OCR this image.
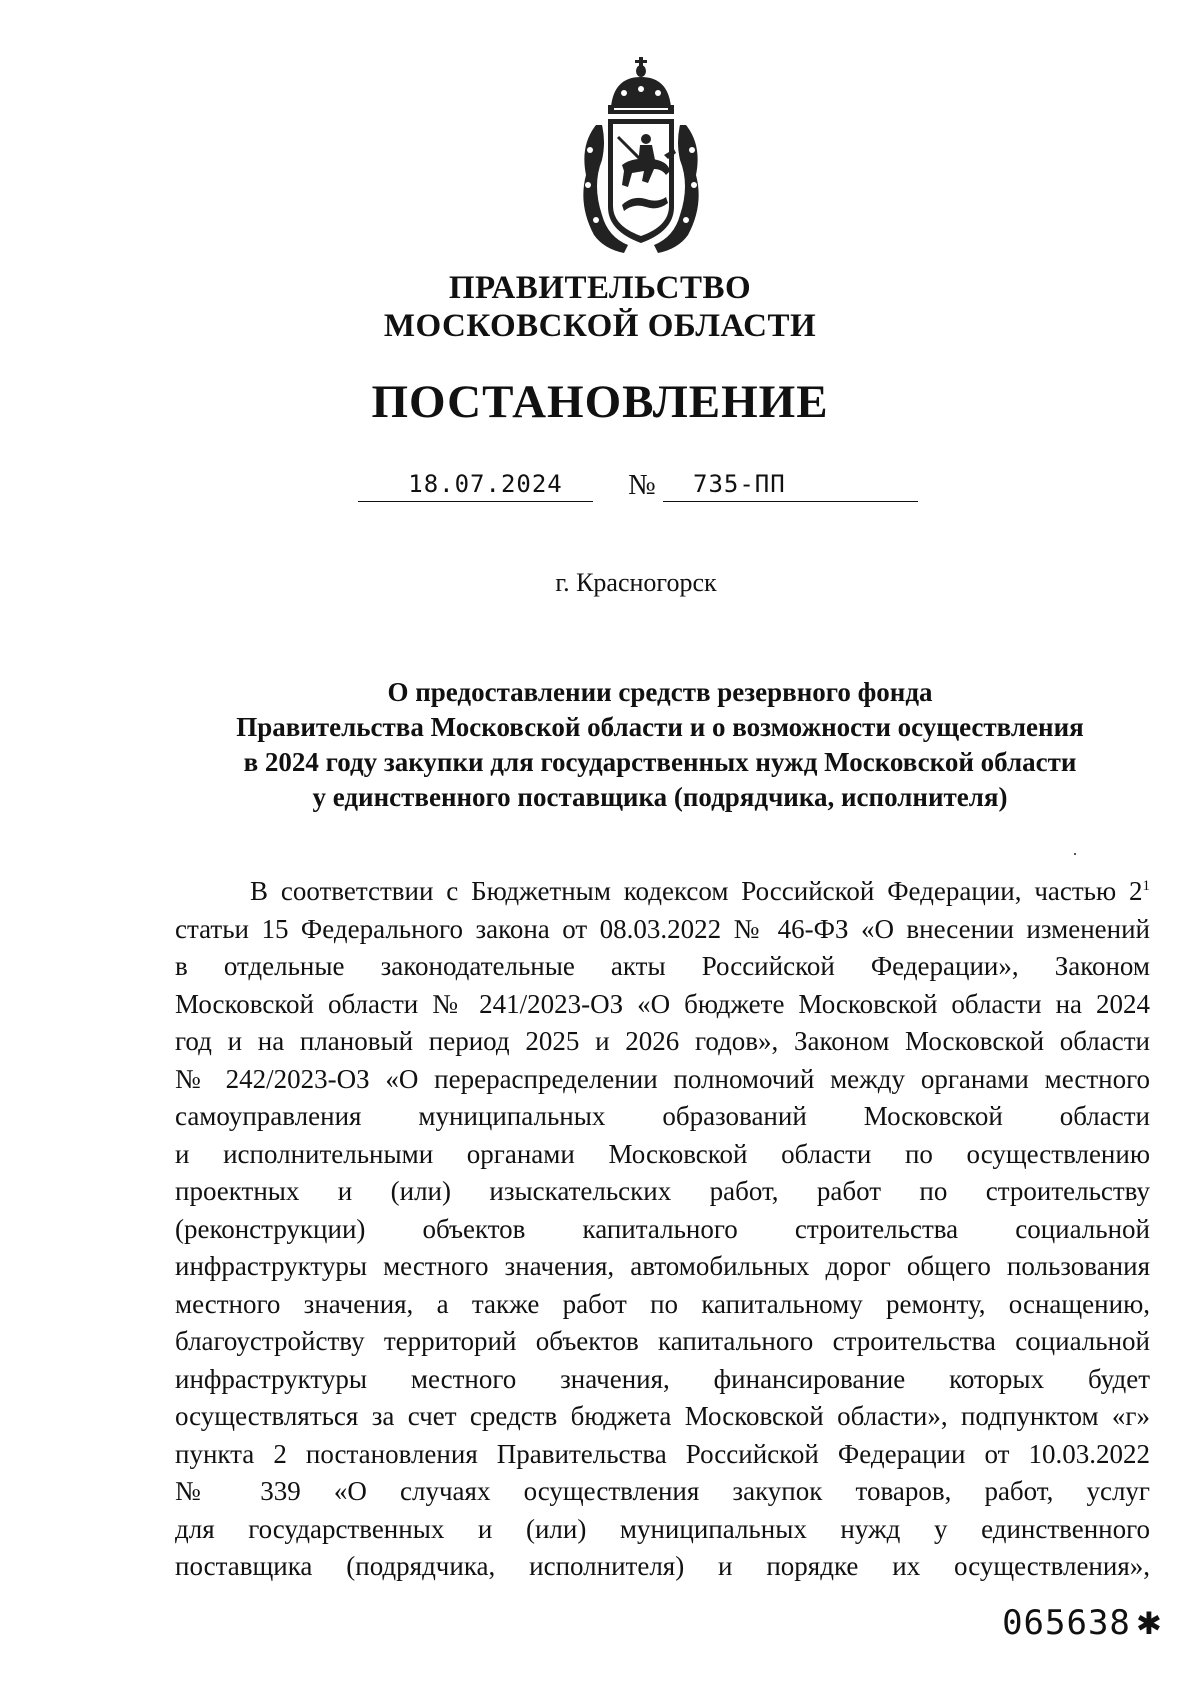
ПРАВИТЕЛЬСТВО
МОСКОВСКОЙ ОБЛАСТИ
ПОСТАНОВЛЕНИЕ
18.07.2024	№	735-ПП
г. Красногорск
О предоставлении средств резервного фонда
Правительства Московской области и о возможности осуществления
в 2024 году закупки для государственных нужд Московской области
у единственного поставщика (подрядчика, исполнителя)
В соответствии с Бюджетным кодексом Российской Федерации, частью $2^1$
статьи 15 Федерального закона от 08.03.2022 № 46-ФЗ «О внесении изменений
в отдельные законодательные акты Российской Федерации», Законом
Московской области № 241/2023-ОЗ «О бюджете Московской области на 2024
год и на плановый период 2025 и 2026 годов», Законом Московской области
№ 242/2023-ОЗ «О перераспределении полномочий между органами местного
самоуправления муниципальных образований Московской области
и исполнительными органами Московской области по осуществлению
проектных и (или) изыскательских работ, работ по строительству
(реконструкции) объектов капитального строительства социальной
инфраструктуры местного значения, автомобильных дорог общего пользования
местного значения, а также работ по капитальному ремонту, оснащению,
благоустройству территорий объектов капитального строительства социальной
инфраструктуры местного значения, финансирование которых будет
осуществляться за счет средств бюджета Московской области», подпунктом «г»
пункта 2 постановления Правительства Российской Федерации от 10.03.2022
№ 339 «О случаях осуществления закупок товаров, работ, услуг
для государственных и (или) муниципальных нужд у единственного
поставщика (подрядчика, исполнителя) и порядке их осуществления»,
065638 ✱
